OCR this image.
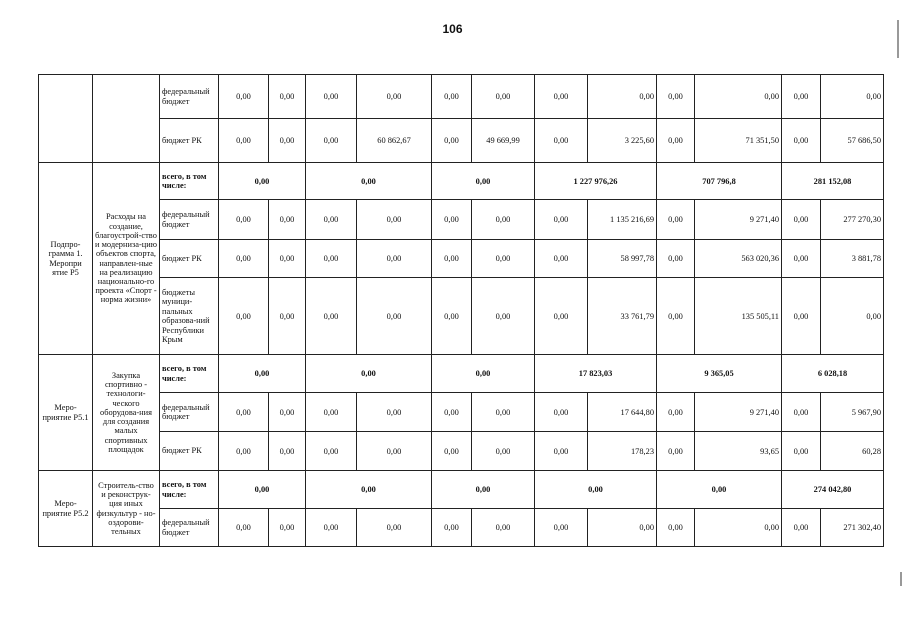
106
		федеральный бюджет	0,00	0,00	0,00	0,00	0,00	0,00	0,00	0,00	0,00	0,00	0,00	0,00
		бюджет РК	0,00	0,00	0,00	60 862,67	0,00	49 669,99	0,00	3 225,60	0,00	71 351,50	0,00	57 686,50
Подпро-грамма 1. Меропри ятие Р5	Расходы на создание, благоустрой-ство и модерниза-цию объектов спорта, направлен-ные на реализацию национально-го проекта «Спорт - норма жизни»	всего, в том числе:	0,00		0,00		0,00		1 227 976,26		707 796,8		281 152,08	
		федеральный бюджет	0,00	0,00	0,00	0,00	0,00	0,00	0,00	1 135 216,69	0,00	9 271,40	0,00	277 270,30
		бюджет РК	0,00	0,00	0,00	0,00	0,00	0,00	0,00	58 997,78	0,00	563 020,36	0,00	3 881,78
		бюджеты муници-пальных образова-ний Республики Крым	0,00	0,00	0,00	0,00	0,00	0,00	0,00	33 761,79	0,00	135 505,11	0,00	0,00
Меро-приятие Р5.1	Закупка спортивно - технологи-ческого оборудова-ния для создания малых спортивных площадок	всего, в том числе:	0,00		0,00		0,00		17 823,03		9 365,05		6 028,18	
		федеральный бюджет	0,00	0,00	0,00	0,00	0,00	0,00	0,00	17 644,80	0,00	9 271,40	0,00	5 967,90
		бюджет РК	0,00	0,00	0,00	0,00	0,00	0,00	0,00	178,23	0,00	93,65	0,00	60,28
Меро-приятие Р5.2	Строитель-ство и реконструк-ция иных физкультур - но- оздорови-тельных	всего, в том числе:	0,00		0,00		0,00		0,00		0,00		274 042,80	
		федеральный бюджет	0,00	0,00	0,00	0,00	0,00	0,00	0,00	0,00	0,00	0,00	0,00	271 302,40
